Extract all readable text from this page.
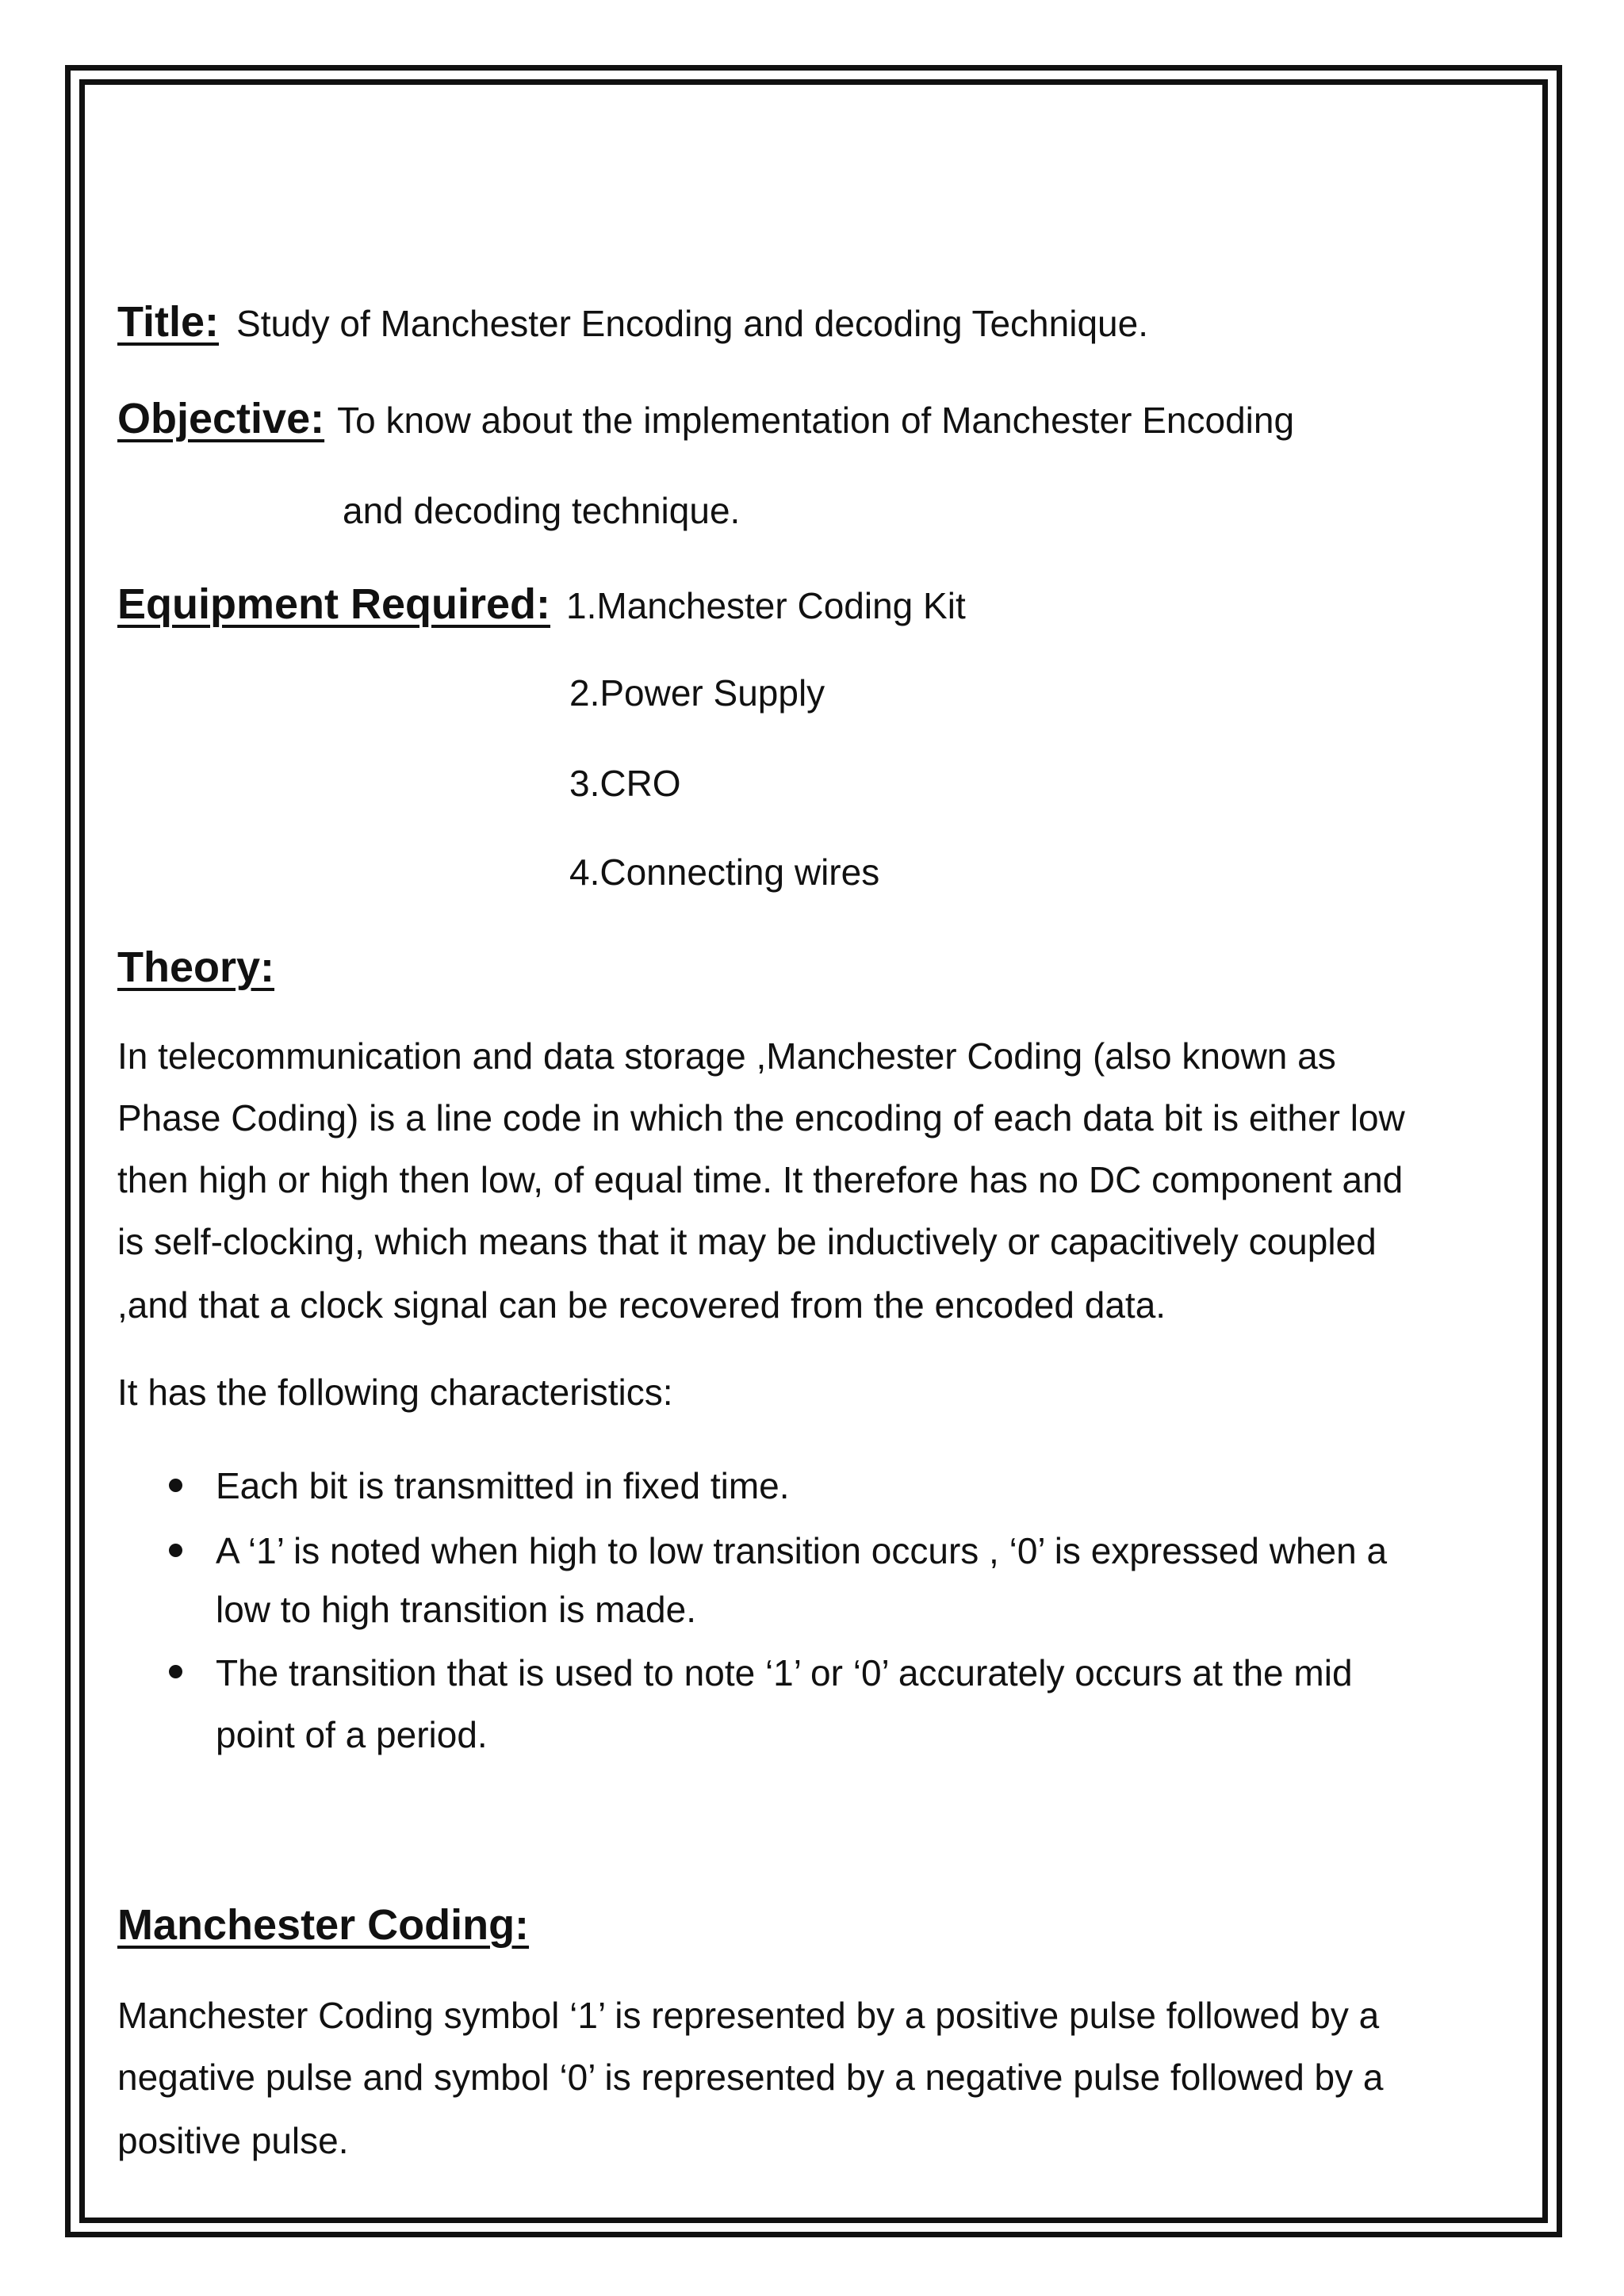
Title: Study of Manchester Encoding and decoding Technique.
Objective: To know about the implementation of Manchester Encoding
and decoding technique.
Equipment Required: 1.Manchester Coding Kit
2.Power Supply
3.CRO
4.Connecting wires
Theory:
In telecommunication and data storage ,Manchester Coding (also known as
Phase Coding) is a line code in which the encoding of each data bit is either low
then high or high then low, of equal time. It therefore has no DC component and
is self-clocking, which means that it may be inductively or capacitively coupled
,and that a clock signal can be recovered from the encoded data.
It has the following characteristics:
Each bit is transmitted in fixed time.
A ‘1’ is noted when high to low transition occurs , ‘0’ is expressed when a
low to high transition is made.
The transition that is used to note ‘1’ or ‘0’ accurately occurs at the mid
point of a period.
Manchester Coding:
Manchester Coding symbol ‘1’ is represented by a positive pulse followed by a
negative pulse and symbol ‘0’ is represented by a negative pulse followed by a
positive pulse.
